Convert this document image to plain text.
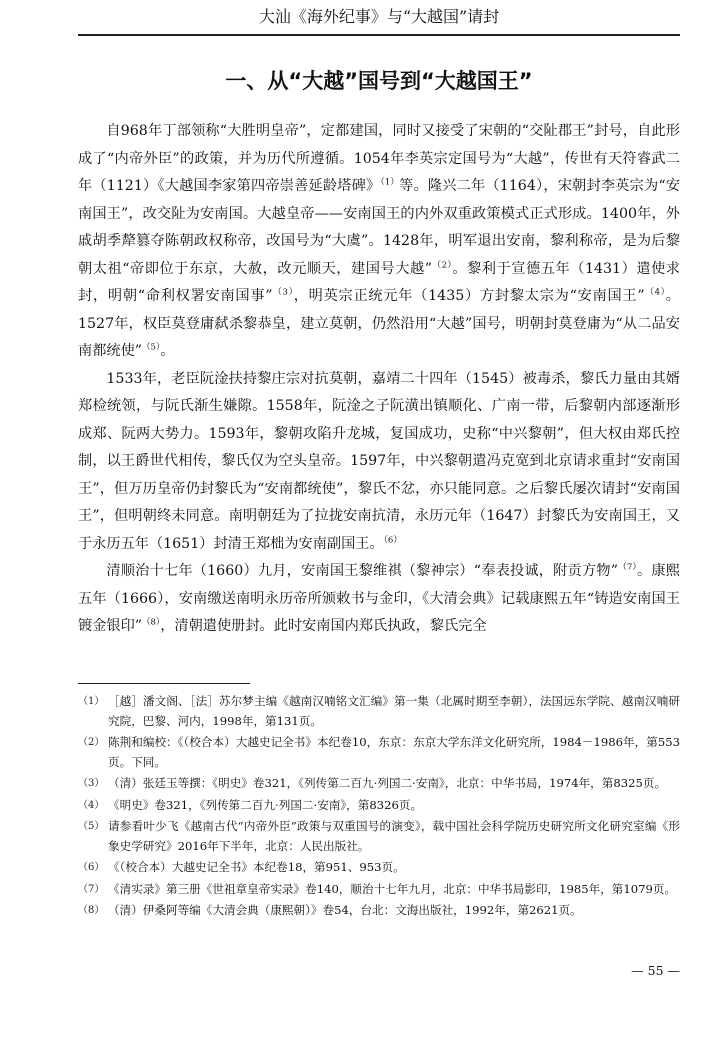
大汕《海外纪事》与“大越国”请封
一、从“大越”国号到“大越国王”

自968年丁部领称“大胜明皇帝”，定都建国，同时又接受了宋朝的“交阯郡王”封号，自此形成了“内帝外臣”的政策，并为历代所遵循。1054年李英宗定国号为“大越”，传世有天符睿武二年（1121）《大越国李家第四帝崇善延龄塔碑》$^{(1)}$等。隆兴二年（1164），宋朝封李英宗为“安南国王”，改交阯为安南国。大越皇帝——安南国王的内外双重政策模式正式形成。1400年，外戚胡季犛篡夺陈朝政权称帝，改国号为“大虞”。1428年，明军退出安南，黎利称帝，是为后黎朝太祖“帝即位于东京，大赦，改元顺天，建国号大越”$^{(2)}$。黎利于宣德五年（1431）遣使求封，明朝“命利权署安南国事”$^{(3)}$，明英宗正统元年（1435）方封黎太宗为“安南国王”$^{(4)}$。1527年，权臣莫登庸弑杀黎恭皇，建立莫朝，仍然沿用“大越”国号，明朝封莫登庸为“从二品安南都统使”$^{(5)}$。

1533年，老臣阮淦扶持黎庄宗对抗莫朝，嘉靖二十四年（1545）被毒杀，黎氏力量由其婿郑检统领，与阮氏渐生嫌隙。1558年，阮淦之子阮潢出镇顺化、广南一带，后黎朝内部逐渐形成郑、阮两大势力。1593年，黎朝攻陷升龙城，复国成功，史称“中兴黎朝”，但大权由郑氏控制，以王爵世代相传，黎氏仅为空头皇帝。1597年，中兴黎朝遣冯克宽到北京请求重封“安南国王”，但万历皇帝仍封黎氏为“安南都统使”，黎氏不忿，亦只能同意。之后黎氏屡次请封“安南国王”，但明朝终未同意。南明朝廷为了拉拢安南抗清，永历元年（1647）封黎氏为安南国王，又于永历五年（1651）封清王郑柮为安南副国王。$^{(6)}$

清顺治十七年（1660）九月，安南国王黎维祺（黎神宗）“奉表投诚，附贡方物”$^{(7)}$。康熙五年（1666），安南缴送南明永历帝所颁敕书与金印，《大清会典》记载康熙五年“铸造安南国王镀金银印”$^{(8)}$，清朝遣使册封。此时安南国内郑氏执政，黎氏完全

（1） ［越］潘文阁、［法］苏尔梦主编《越南汉喃铭文汇编》第一集（北属时期至李朝），法国远东学院、越南汉喃研究院，巴黎、河内，1998年，第131页。
（2） 陈荆和编校：《（校合本）大越史记全书》本纪卷10，东京：东京大学东洋文化研究所，1984－1986年，第553页。下同。
（3） （清）张廷玉等撰：《明史》卷321，《列传第二百九·列国二·安南》，北京：中华书局，1974年，第8325页。
（4） 《明史》卷321，《列传第二百九·列国二·安南》，第8326页。
（5） 请参看叶少飞《越南古代“内帝外臣”政策与双重国号的演变》，载中国社会科学院历史研究所文化研究室编《形象史学研究》2016年下半年，北京：人民出版社。
（6） 《（校合本）大越史记全书》本纪卷18，第951、953页。
（7） 《清实录》第三册《世祖章皇帝实录》卷140，顺治十七年九月，北京：中华书局影印，1985年，第1079页。
（8） （清）伊桑阿等编《大清会典（康熙朝）》卷54，台北：文海出版社，1992年，第2621页。
— 55 —
